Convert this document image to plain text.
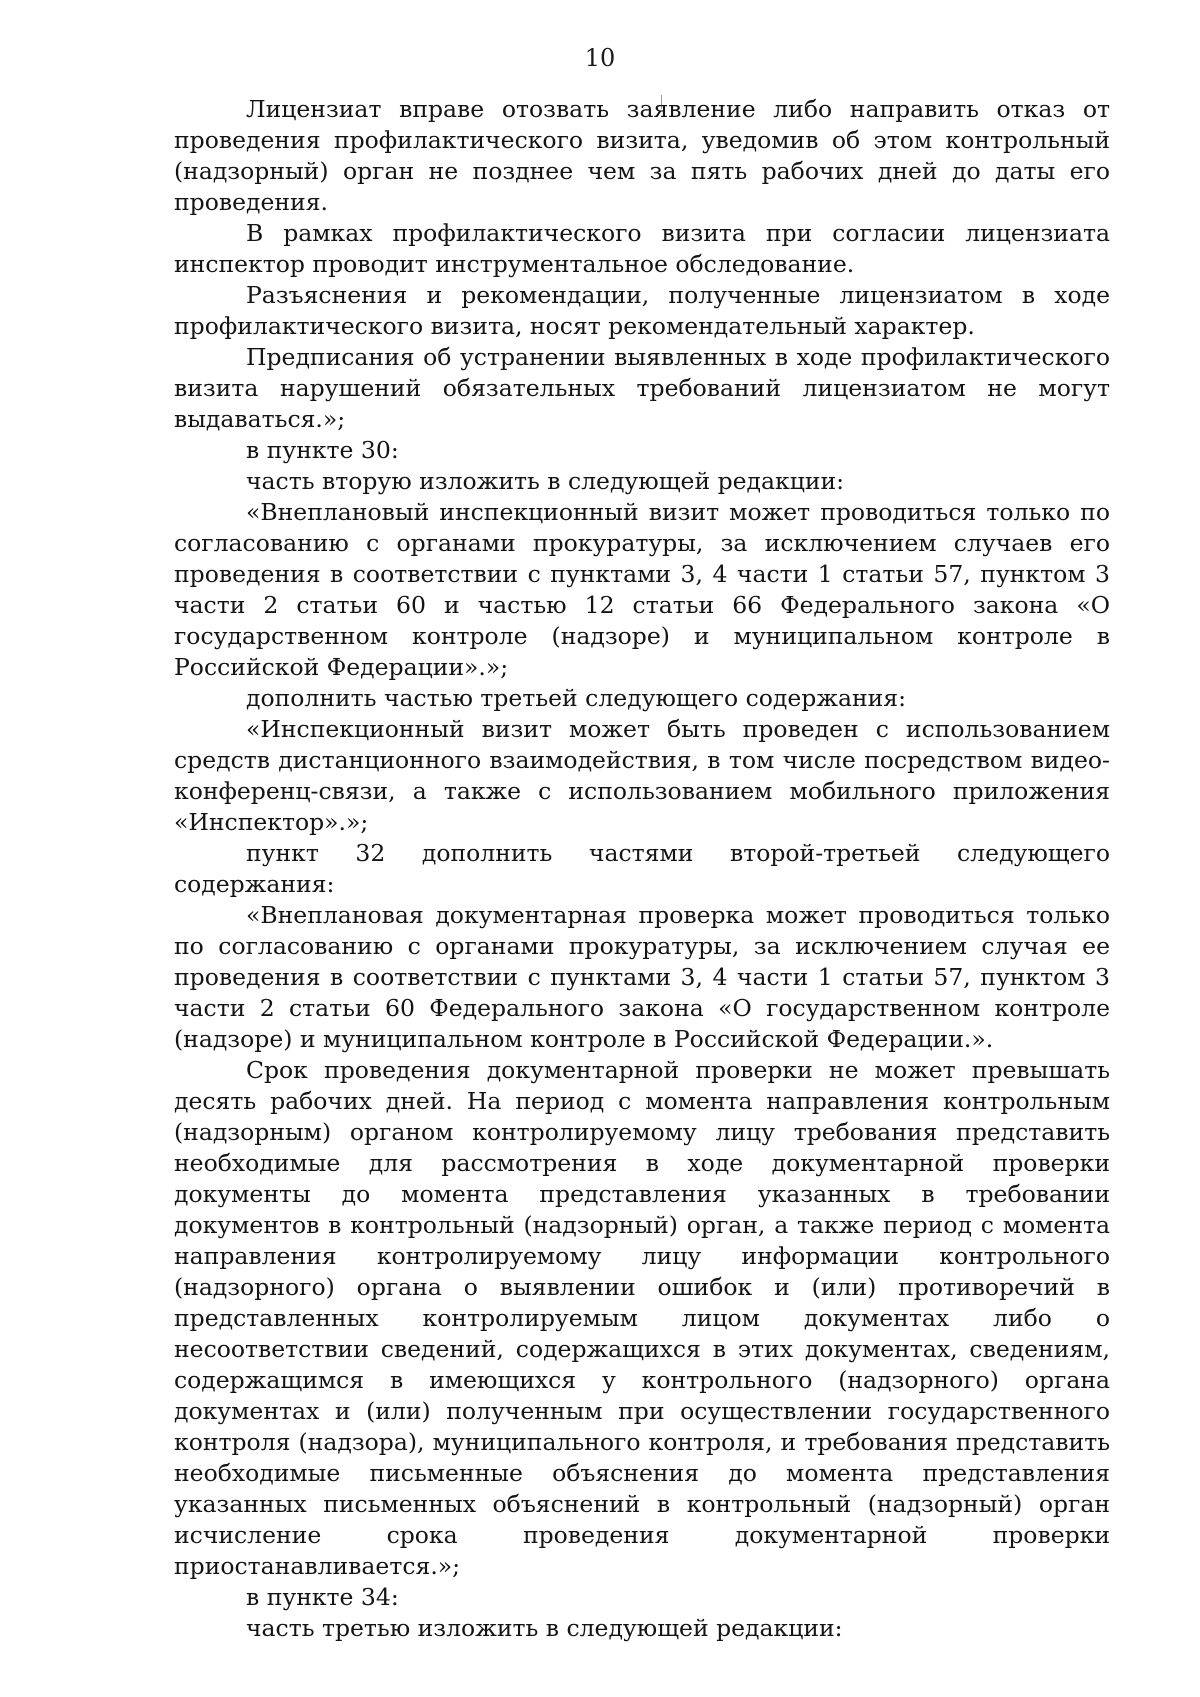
10

Лицензиат вправе отозвать заявление либо направить отказ от проведения профилактического визита, уведомив об этом контрольный (надзорный) орган не позднее чем за пять рабочих дней до даты его проведения.

В рамках профилактического визита при согласии лицензиата инспектор проводит инструментальное обследование.

Разъяснения и рекомендации, полученные лицензиатом в ходе профилактического визита, носят рекомендательный характер.

Предписания об устранении выявленных в ходе профилактического визита нарушений обязательных требований лицензиатом не могут выдаваться.»;

в пункте 30:

часть вторую изложить в следующей редакции:

«Внеплановый инспекционный визит может проводиться только по согласованию с органами прокуратуры, за исключением случаев его проведения в соответствии с пунктами 3, 4 части 1 статьи 57, пунктом 3 части 2 статьи 60 и частью 12 статьи 66 Федерального закона «О государственном контроле (надзоре) и муниципальном контроле в Российской Федерации».»;

дополнить частью третьей следующего содержания:

«Инспекционный визит может быть проведен с использованием средств дистанционного взаимодействия, в том числе посредством видео-конференц-связи, а также с использованием мобильного приложения «Инспектор».»;

пункт 32 дополнить частями второй-третьей следующего содержания:

«Внеплановая документарная проверка может проводиться только по согласованию с органами прокуратуры, за исключением случая ее проведения в соответствии с пунктами 3, 4 части 1 статьи 57, пунктом 3 части 2 статьи 60 Федерального закона «О государственном контроле (надзоре) и муниципальном контроле в Российской Федерации.».

Срок проведения документарной проверки не может превышать десять рабочих дней. На период с момента направления контрольным (надзорным) органом контролируемому лицу требования представить необходимые для рассмотрения в ходе документарной проверки документы до момента представления указанных в требовании документов в контрольный (надзорный) орган, а также период с момента направления контролируемому лицу информации контрольного (надзорного) органа о выявлении ошибок и (или) противоречий в представленных контролируемым лицом документах либо о несоответствии сведений, содержащихся в этих документах, сведениям, содержащимся в имеющихся у контрольного (надзорного) органа документах и (или) полученным при осуществлении государственного контроля (надзора), муниципального контроля, и требования представить необходимые письменные объяснения до момента представления указанных письменных объяснений в контрольный (надзорный) орган исчисление срока проведения документарной проверки приостанавливается.»;

в пункте 34:

часть третью изложить в следующей редакции:
